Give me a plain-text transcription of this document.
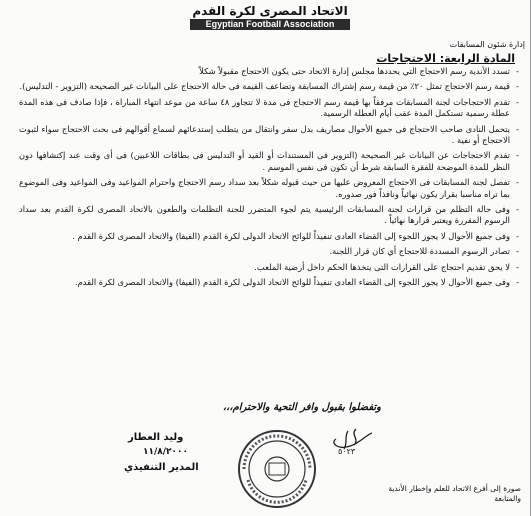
الاتحاد المصرى لكرة القدم
Egyptian Football Association
إدارة شئون المسابقات
المادة الرابعة: الاحتجاجات
- تسدد الأندية رسم الاحتجاج التي يحددها مجلس إدارة الاتحاد حتى يكون الاحتجاج مقبولاً شكلاً
- قيمة رسم الاحتجاج تمثل ٢٠٪ من قيمة رسم إشتراك المسابقة وتضاعف القيمة فى حالة الاحتجاج على البيانات غير الصحيحة (التزوير - التدليس).
- تقدم الاحتجاجات لجنة المسابقات مرفقاً بها قيمة رسم الاحتجاج فى مدة لا تتجاوز ٤٨ ساعة من موعد انتهاء المباراة ، فإذا صادف فى هذه المدة عطلة رسمية تستكمل المدة عقب أيام العطلة الرسمية.
- يتحمل النادى صاحب الاحتجاج فى جميع الأحوال مصاريف بدل سفر وانتقال من يتطلب إستدعائهم لسماع أقوالهم فى بحث الاحتجاج سواء لثبوت الاحتجاج أو نفية .
- تقدم الاحتجاجات عن البيانات غير الصحيحة (التزوير فى المستندات أو القيد أو التدليس فى بطاقات اللاعبين) فى أى وقت عند إكتشافها دون النظر للمدة الموضحة للفقرة السابقة شرط أن تكون فى نفس الموسم .
- تفصل لجنة المسابقات فى الاحتجاج المعروض عليها من حيث قبوله شكلاً بعد سداد رسم الاحتجاج واحترام المواعيد وفى المواعيد وفى الموضوع بما تراه مناسبا بقرار يكون نهائياً ونافذاً فور صدوره.
- وفى حالة التظلم من قرارات لجنة المسابقات الرئيسية يتم لجوء المتضرر للجنة التظلمات والطعون بالاتحاد المصرى لكرة القدم بعد سداد الرسوم المقررة ويعتبر قرارها نهائياً .
- وفى جميع الأحوال لا يجوز اللجوء إلى القضاء العادى تنفيذاً للوائح الاتحاد الدولى لكرة القدم (الفيفا) والاتحاد المصرى لكرة القدم .
- تصادر الرسوم المسددة للاحتجاج أي كان قرار اللجنة.
- لا يحق تقديم احتجاج على القرارات التى يتخذها الحكم داخل أرضية الملعب.
- وفى جميع الأحوال لا يجوز اللجوء إلى القضاء العادى تنفيذاً للوائح الاتحاد الدولى لكرة القدم (الفيفا) والاتحاد المصرى لكرة القدم.
وتفضلوا بقبول وافر التحية والاحترام،،،
٥٠٢٣
وليد العطار
١١/٨/٢٠٠٠
المدير التنفيذي
صورة إلى أفرع الاتحاد للعلم وإخطار الأندية
والمتابعة
